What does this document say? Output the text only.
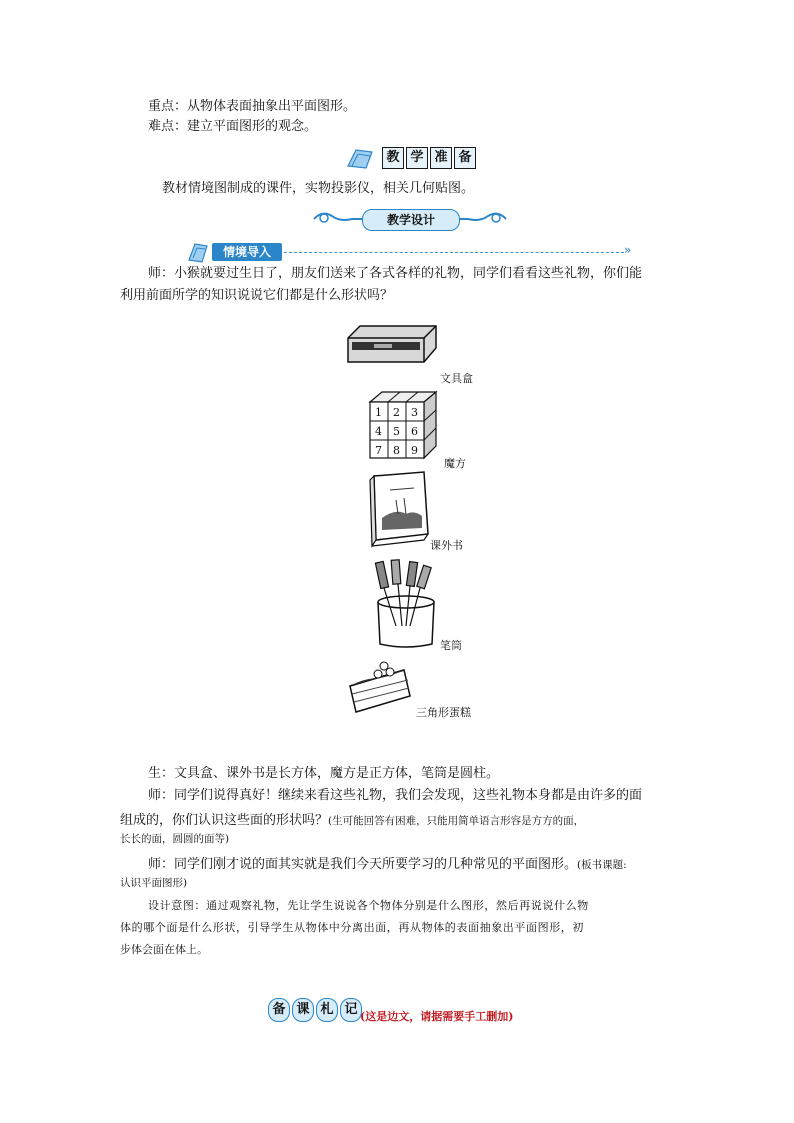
重点：从物体表面抽象出平面图形。
难点：建立平面图形的观念。
教 学 准 备
教材情境图制成的课件，实物投影仪，相关几何贴图。
教学设计
情境导入	»
师：小猴就要过生日了，朋友们送来了各式各样的礼物，同学们看看这些礼物，你们能
利用前面所学的知识说说它们都是什么形状吗？
文具盒
1 2 3
4 5 6
7 8 9
魔方
课外书
笔筒
三角形蛋糕
生：文具盒、课外书是长方体，魔方是正方体，笔筒是圆柱。
师：同学们说得真好！继续来看这些礼物，我们会发现，这些礼物本身都是由许多的面
组成的，你们认识这些面的形状吗？(生可能回答有困难，只能用简单语言形容是方方的面，
长长的面，圆圆的面等)
师：同学们刚才说的面其实就是我们今天所要学习的几种常见的平面图形。(板书课题:
认识平面图形)
设计意图：通过观察礼物，先让学生说说各个物体分别是什么图形，然后再说说什么物
体的哪个面是什么形状，引导学生从物体中分离出面，再从物体的表面抽象出平面图形，初
步体会面在体上。
备 课 札 记 (这是边文，请据需要手工删加)
